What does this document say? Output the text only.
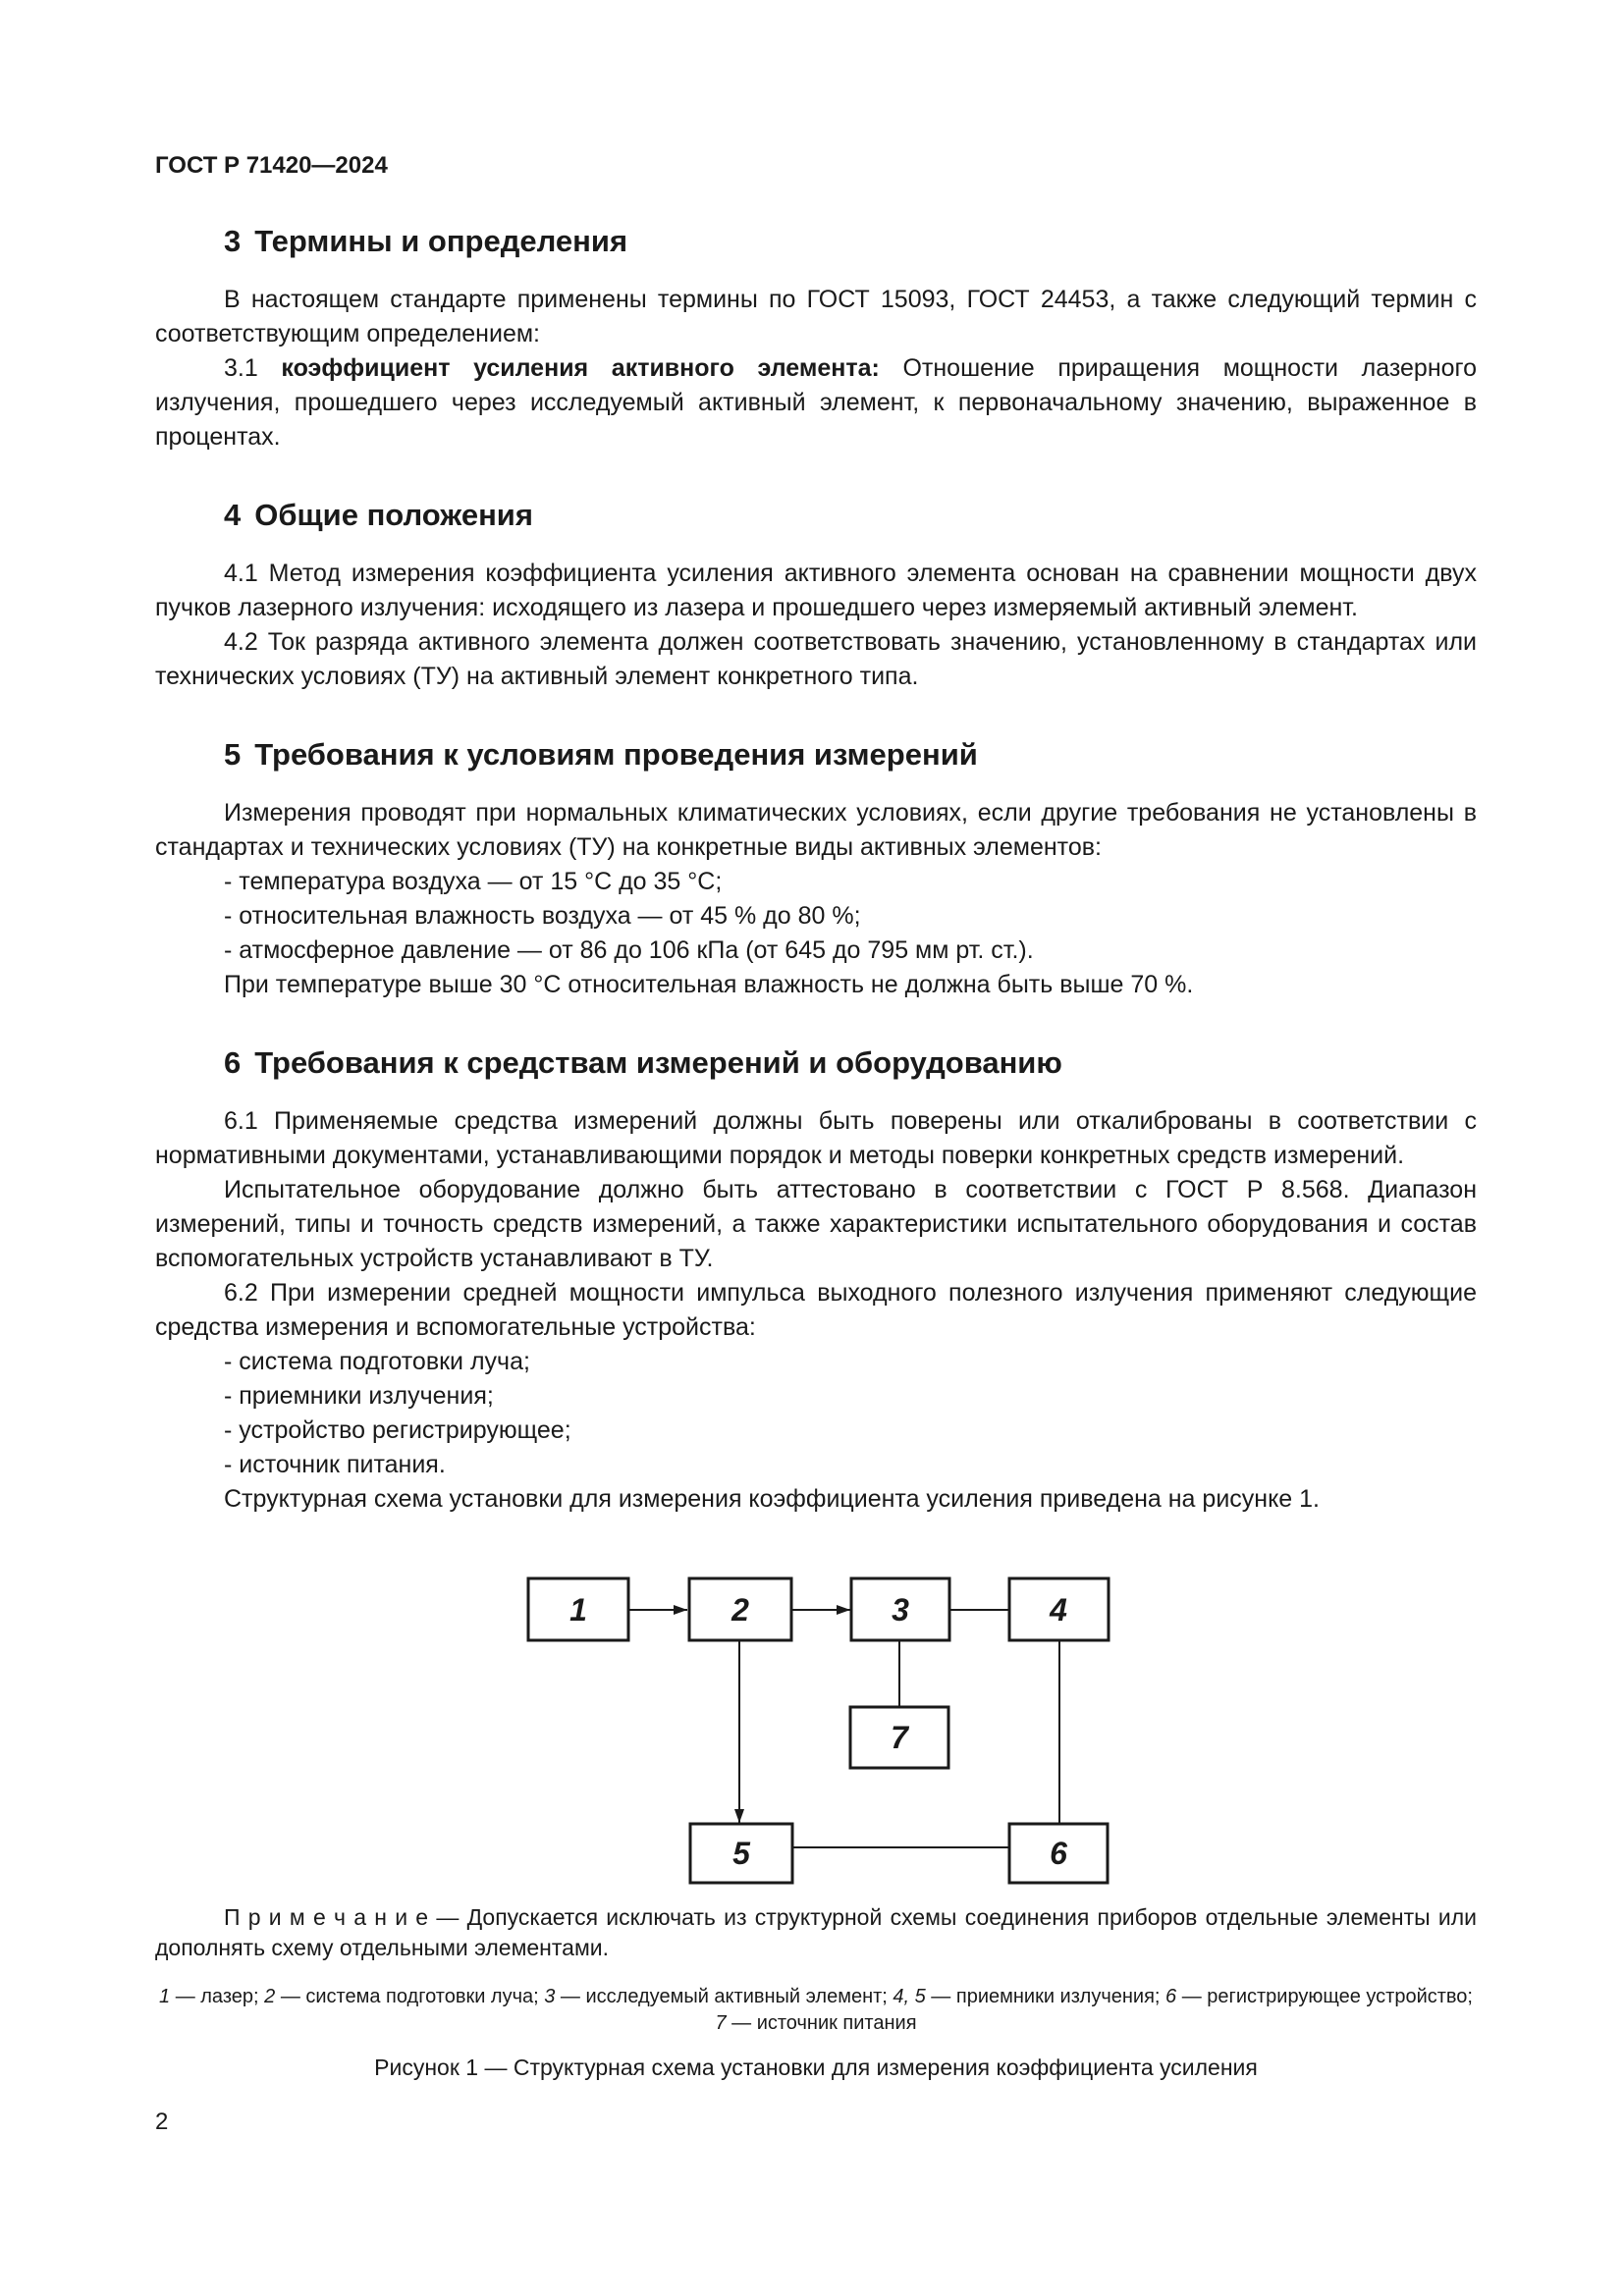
ГОСТ Р 71420—2024
3 Термины и определения

В настоящем стандарте применены термины по ГОСТ 15093, ГОСТ 24453, а также следующий термин с соответствующим определением:

3.1 коэффициент усиления активного элемента: Отношение приращения мощности лазерного излучения, прошедшего через исследуемый активный элемент, к первоначальному значению, выраженное в процентах.

4 Общие положения

4.1 Метод измерения коэффициента усиления активного элемента основан на сравнении мощности двух пучков лазерного излучения: исходящего из лазера и прошедшего через измеряемый активный элемент.

4.2 Ток разряда активного элемента должен соответствовать значению, установленному в стандартах или технических условиях (ТУ) на активный элемент конкретного типа.

5 Требования к условиям проведения измерений

Измерения проводят при нормальных климатических условиях, если другие требования не установлены в стандартах и технических условиях (ТУ) на конкретные виды активных элементов:

- температура воздуха — от 15 °С до 35 °С;

- относительная влажность воздуха — от 45 % до 80 %;

- атмосферное давление — от 86 до 106 кПа (от 645 до 795 мм рт. ст.).

При температуре выше 30 °С относительная влажность не должна быть выше 70 %.

6 Требования к средствам измерений и оборудованию

6.1 Применяемые средства измерений должны быть поверены или откалиброваны в соответствии с нормативными документами, устанавливающими порядок и методы поверки конкретных средств измерений.

Испытательное оборудование должно быть аттестовано в соответствии с ГОСТ Р 8.568. Диапазон измерений, типы и точность средств измерений, а также характеристики испытательного оборудования и состав вспомогательных устройств устанавливают в ТУ.

6.2 При измерении средней мощности импульса выходного полезного излучения применяют следующие средства измерения и вспомогательные устройства:

- система подготовки луча;

- приемники излучения;

- устройство регистрирующее;

- источник питания.

Структурная схема установки для измерения коэффициента усиления приведена на рисунке 1.

1	2	3	4
7
5	6

П р и м е ч а н и е — Допускается исключать из структурной схемы соединения приборов отдельные элементы или дополнять схему отдельными элементами.

1 — лазер; 2 — система подготовки луча; 3 — исследуемый активный элемент; 4, 5 — приемники излучения; 6 — регистрирующее устройство; 7 — источник питания
Рисунок 1 — Структурная схема установки для измерения коэффициента усиления
2
